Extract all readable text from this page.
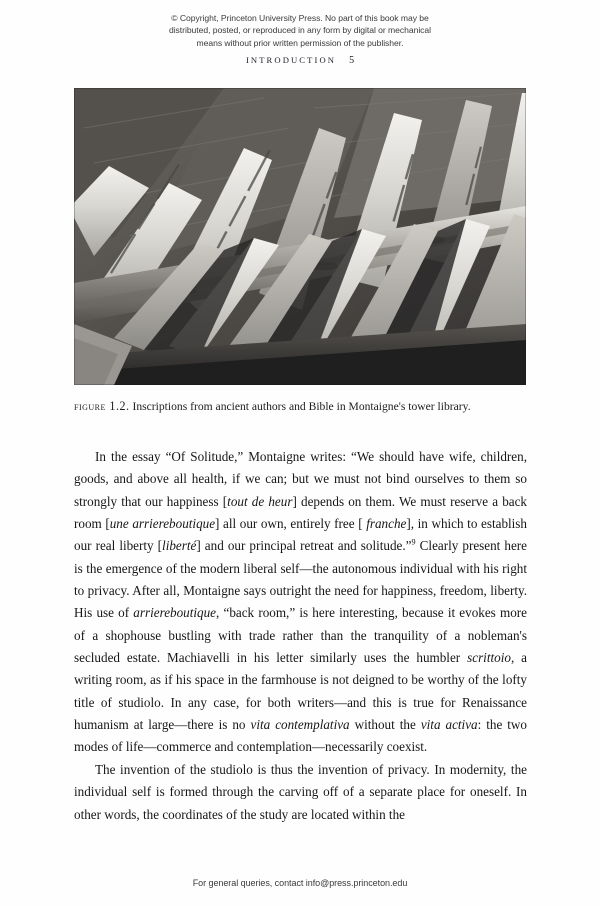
© Copyright, Princeton University Press. No part of this book may be
distributed, posted, or reproduced in any form by digital or mechanical
means without prior written permission of the publisher.
INTRODUCTION 5
figure 1.2. Inscriptions from ancient authors and Bible in Montaigne's tower library.

In the essay “Of Solitude,” Montaigne writes: “We should have wife, children, goods, and above all health, if we can; but we must not bind ourselves to them so strongly that our happiness [tout de heur] depends on them. We must reserve a back room [une arriereboutique] all our own, entirely free [ franche], in which to establish our real liberty [liberté] and our principal retreat and solitude.”$^9$ Clearly present here is the emergence of the modern liberal self—the autonomous individual with his right to privacy. After all, Montaigne says outright the need for happiness, freedom, liberty. His use of arriereboutique, “back room,” is here interesting, because it evokes more of a shophouse bustling with trade rather than the tranquility of a nobleman's secluded estate. Machiavelli in his letter similarly uses the humbler scrittoio, a writing room, as if his space in the farmhouse is not deigned to be worthy of the lofty title of studiolo. In any case, for both writers—and this is true for Renaissance humanism at large—there is no vita contemplativa without the vita activa: the two modes of life—commerce and contemplation—necessarily coexist.

The invention of the studiolo is thus the invention of privacy. In modernity, the individual self is formed through the carving off of a separate place for oneself. In other words, the coordinates of the study are located within the

For general queries, contact info@press.princeton.edu
